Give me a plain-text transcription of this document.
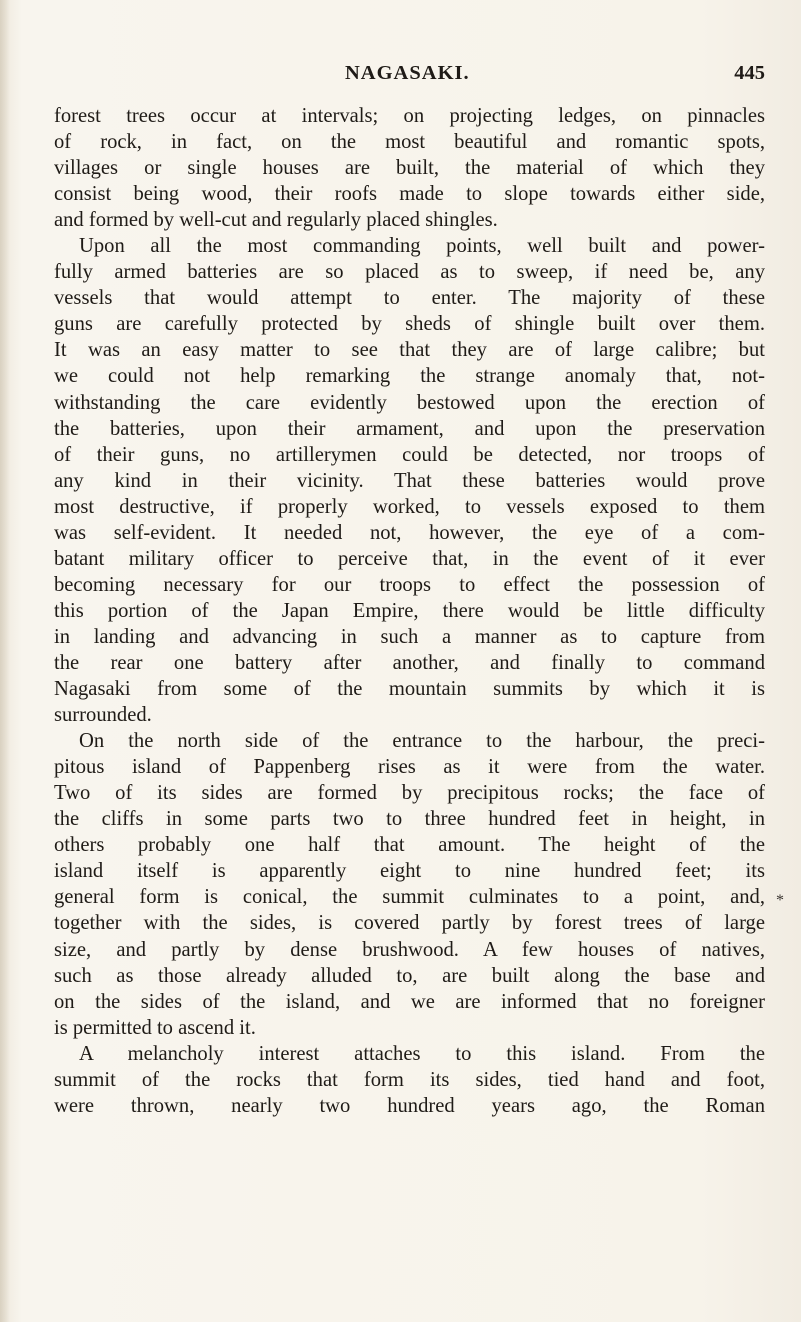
NAGASAKI.	445
forest trees occur at intervals; on projecting ledges, on pinnacles
of rock, in fact, on the most beautiful and romantic spots,
villages or single houses are built, the material of which they
consist being wood, their roofs made to slope towards either side,
and formed by well-cut and regularly placed shingles.
Upon all the most commanding points, well built and power-
fully armed batteries are so placed as to sweep, if need be, any
vessels that would attempt to enter. The majority of these
guns are carefully protected by sheds of shingle built over them.
It was an easy matter to see that they are of large calibre; but
we could not help remarking the strange anomaly that, not-
withstanding the care evidently bestowed upon the erection of
the batteries, upon their armament, and upon the preservation
of their guns, no artillerymen could be detected, nor troops of
any kind in their vicinity. That these batteries would prove
most destructive, if properly worked, to vessels exposed to them
was self-evident. It needed not, however, the eye of a com-
batant military officer to perceive that, in the event of it ever
becoming necessary for our troops to effect the possession of
this portion of the Japan Empire, there would be little difficulty
in landing and advancing in such a manner as to capture from
the rear one battery after another, and finally to command
Nagasaki from some of the mountain summits by which it is
surrounded.
On the north side of the entrance to the harbour, the preci-
pitous island of Pappenberg rises as it were from the water.
Two of its sides are formed by precipitous rocks; the face of
the cliffs in some parts two to three hundred feet in height, in
others probably one half that amount. The height of the
island itself is apparently eight to nine hundred feet; its
general form is conical, the summit culminates to a point, and,
together with the sides, is covered partly by forest trees of large
size, and partly by dense brushwood. A few houses of natives,
such as those already alluded to, are built along the base and
on the sides of the island, and we are informed that no foreigner
is permitted to ascend it.
A melancholy interest attaches to this island. From the
summit of the rocks that form its sides, tied hand and foot,
were thrown, nearly two hundred years ago, the Roman
*
